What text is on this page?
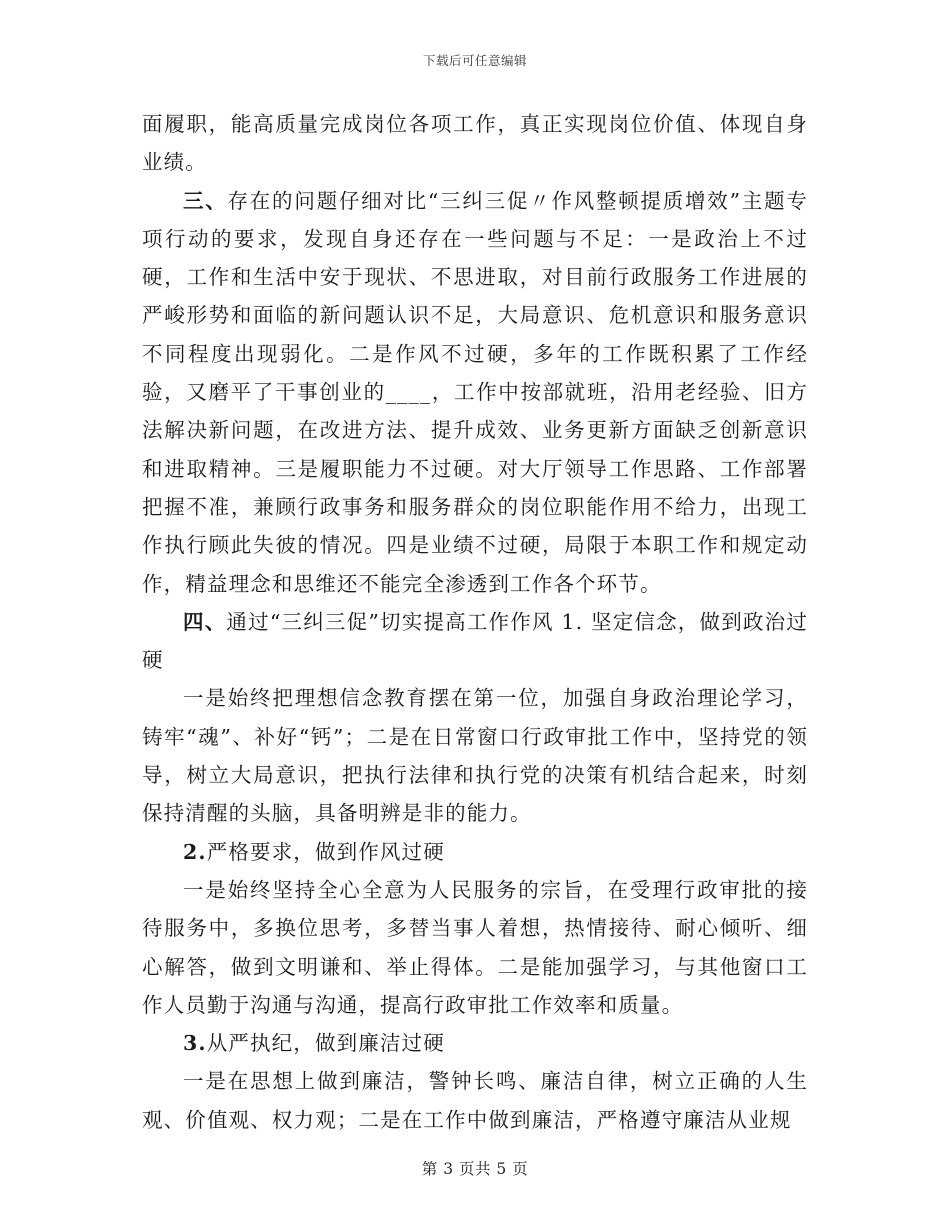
下载后可任意编辑

面履职，能高质量完成岗位各项工作，真正实现岗位价值、体现自身业绩。

三、存在的问题仔细对比“三纠三促〃作风整顿提质增效”主题专项行动的要求，发现自身还存在一些问题与不足：一是政治上不过硬，工作和生活中安于现状、不思进取，对目前行政服务工作进展的严峻形势和面临的新问题认识不足，大局意识、危机意识和服务意识不同程度出现弱化。二是作风不过硬，多年的工作既积累了工作经验，又磨平了干事创业的____，工作中按部就班，沿用老经验、旧方法解决新问题，在改进方法、提升成效、业务更新方面缺乏创新意识和进取精神。三是履职能力不过硬。对大厅领导工作思路、工作部署把握不准，兼顾行政事务和服务群众的岗位职能作用不给力，出现工作执行顾此失彼的情况。四是业绩不过硬，局限于本职工作和规定动作，精益理念和思维还不能完全渗透到工作各个环节。

四、通过“三纠三促”切实提高工作作风 1. 坚定信念，做到政治过硬

一是始终把理想信念教育摆在第一位，加强自身政治理论学习，铸牢“魂”、补好“钙”；二是在日常窗口行政审批工作中，坚持党的领导，树立大局意识，把执行法律和执行党的决策有机结合起来，时刻保持清醒的头脑，具备明辨是非的能力。

2.严格要求，做到作风过硬

一是始终坚持全心全意为人民服务的宗旨，在受理行政审批的接待服务中，多换位思考，多替当事人着想，热情接待、耐心倾听、细心解答，做到文明谦和、举止得体。二是能加强学习，与其他窗口工作人员勤于沟通与沟通，提高行政审批工作效率和质量。

3.从严执纪，做到廉洁过硬

一是在思想上做到廉洁，警钟长鸣、廉洁自律，树立正确的人生观、价值观、权力观；二是在工作中做到廉洁，严格遵守廉洁从业规

第 3 页共 5 页
